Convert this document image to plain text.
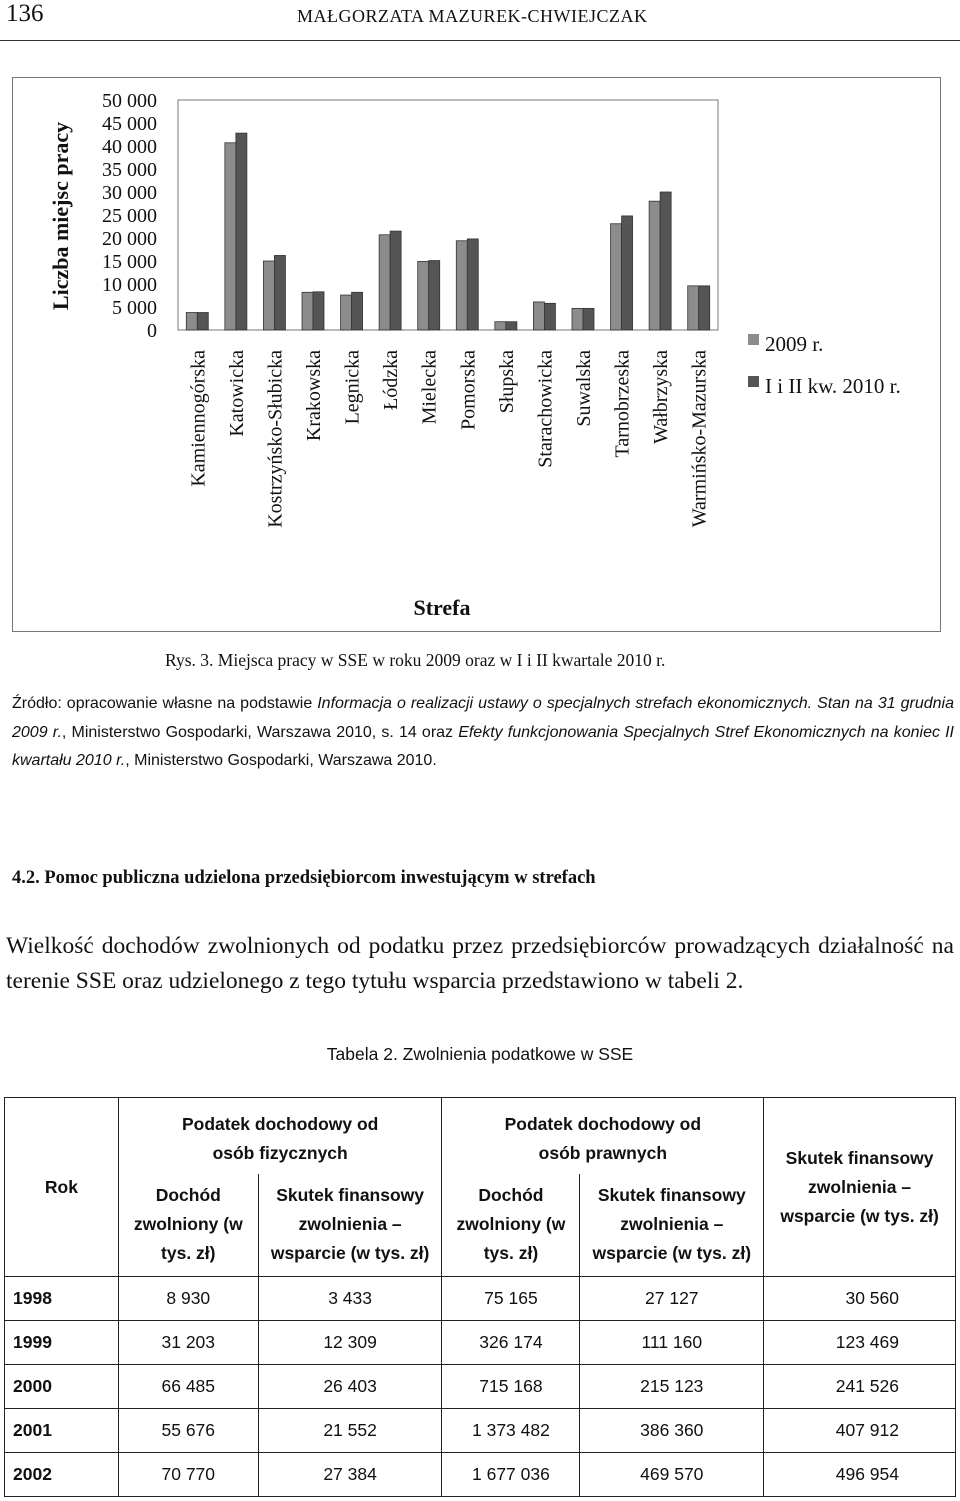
136	MAŁGORZATA MAZUREK-CHWIEJCZAK
50 000
45 000
40 000
35 000
30 000
25 000
20 000
15 000
10 000
5 000
0
Liczba miejsc pracy
Kamiennogórska Katowicka Kostrzyńsko-Słubicka Krakowska Legnicka Łódzka Mielecka Pomorska Słupska Starachowicka Suwalska Tarnobrzeska Wałbrzyska Warmińsko-Mazurska
Strefa
2009 r.
I i II kw. 2010 r.
Rys. 3. Miejsca pracy w SSE w roku 2009 oraz w I i II kwartale 2010 r.
Źródło: opracowanie własne na podstawie Informacja o realizacji ustawy o specjalnych strefach ekonomicznych. Stan na 31 grudnia 2009 r., Ministerstwo Gospodarki, Warszawa 2010, s. 14 oraz Efekty funkcjonowania Specjalnych Stref Ekonomicznych na koniec II kwartału 2010 r., Ministerstwo Gospodarki, Warszawa 2010.
4.2. Pomoc publiczna udzielona przedsiębiorcom inwestującym w strefach
Wielkość dochodów zwolnionych od podatku przez przedsiębiorców prowadzących działalność na terenie SSE oraz udzielonego z tego tytułu wsparcia przedstawiono w tabeli 2.
Tabela 2. Zwolnienia podatkowe w SSE
Rok	Podatek dochodowy od osób fizycznych		Podatek dochodowy od osób prawnych		Skutek finansowy zwolnienia – wsparcie (w tys. zł)
	Dochód zwolniony (w tys. zł)	Skutek finansowy zwolnienia – wsparcie (w tys. zł)	Dochód zwolniony (w tys. zł)	Skutek finansowy zwolnienia – wsparcie (w tys. zł)	
1998	8 930	3 433	75 165	27 127	30 560
1999	31 203	12 309	326 174	111 160	123 469
2000	66 485	26 403	715 168	215 123	241 526
2001	55 676	21 552	1 373 482	386 360	407 912
2002	70 770	27 384	1 677 036	469 570	496 954
